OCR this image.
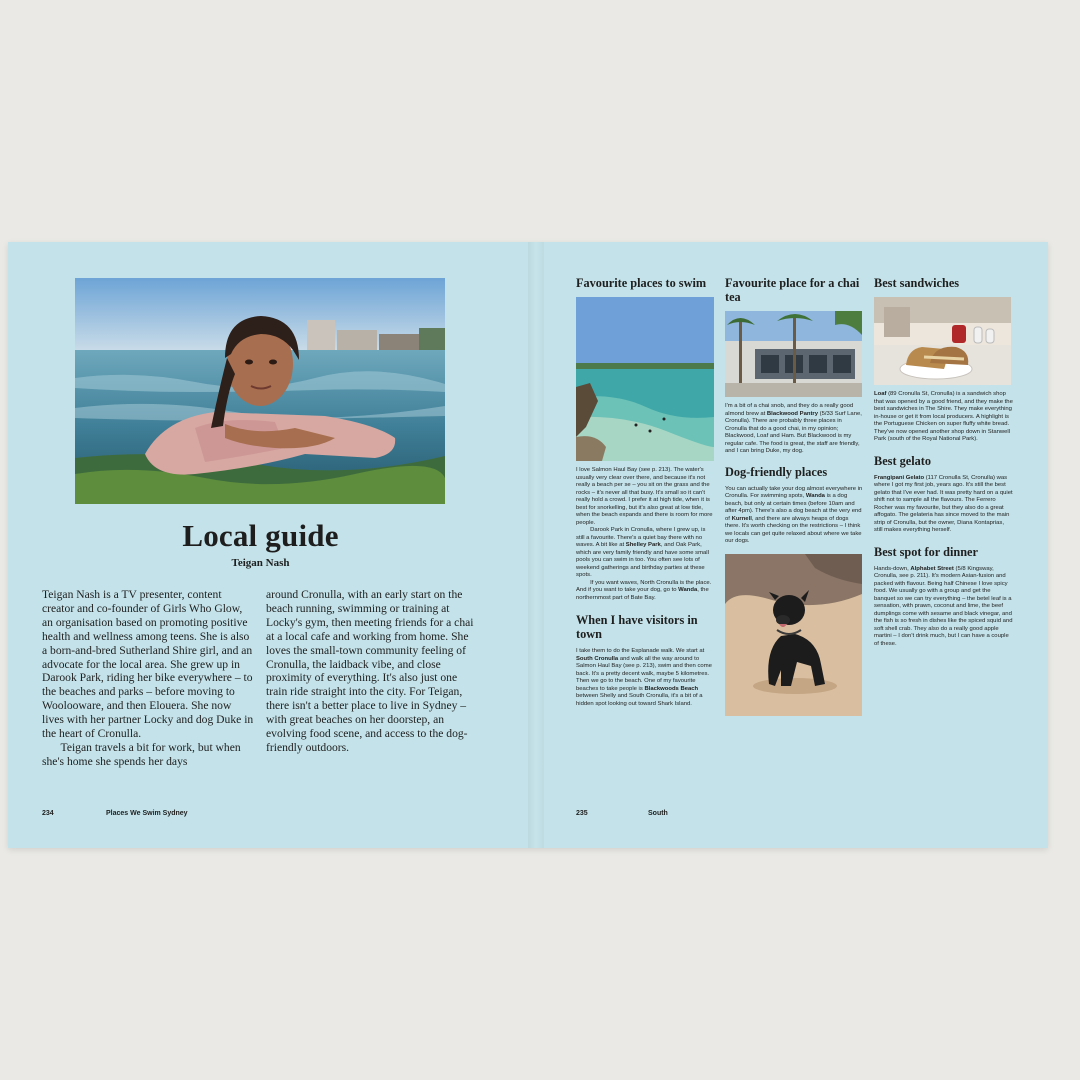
Local guide
Teigan Nash

Teigan Nash is a TV presenter, content creator and co-founder of Girls Who Glow, an organisation based on promoting positive health and wellness among teens. She is also a born-and-bred Sutherland Shire girl, and an advocate for the local area. She grew up in Darook Park, riding her bike everywhere – to the beaches and parks – before moving to Woolooware, and then Elouera. She now lives with her partner Locky and dog Duke in the heart of Cronulla.

Teigan travels a bit for work, but when she's home she spends her days

around Cronulla, with an early start on the beach running, swimming or training at Locky's gym, then meeting friends for a chai at a local cafe and working from home. She loves the small-town community feeling of Cronulla, the laidback vibe, and close proximity of everything. It's also just one train ride straight into the city. For Teigan, there isn't a better place to live in Sydney – with great beaches on her doorstep, an evolving food scene, and access to the dog-friendly outdoors.

234	Places We Swim Sydney
Favourite places to swim

I love Salmon Haul Bay (see p. 213). The water's usually very clear over there, and because it's not really a beach per se – you sit on the grass and the rocks – it's never all that busy. It's small so it can't really hold a crowd. I prefer it at high tide, when it is best for snorkelling, but it's also great at low tide, when the beach expands and there is room for more people.

Darook Park in Cronulla, where I grew up, is still a favourite. There's a quiet bay there with no waves. A bit like at Shelley Park, and Oak Park, which are very family friendly and have some small pools you can swim in too. You often see lots of weekend gatherings and birthday parties at these spots.

If you want waves, North Cronulla is the place. And if you want to take your dog, go to Wanda, the northernmost part of Bate Bay.

When I have visitors in town

I take them to do the Esplanade walk. We start at South Cronulla and walk all the way around to Salmon Haul Bay (see p. 213), swim and then come back. It's a pretty decent walk, maybe 5 kilometres. Then we go to the beach. One of my favourite beaches to take people is Blackwoods Beach between Shelly and South Cronulla, it's a bit of a hidden spot looking out toward Shark Island.

Favourite place for a chai tea

I'm a bit of a chai snob, and they do a really good almond brew at Blackwood Pantry (5/33 Surf Lane, Cronulla). There are probably three places in Cronulla that do a good chai, in my opinion; Blackwood, Loaf and Ham. But Blackwood is my regular cafe. The food is great, the staff are friendly, and I can bring Duke, my dog.

Dog-friendly places

You can actually take your dog almost everywhere in Cronulla. For swimming spots, Wanda is a dog beach, but only at certain times (before 10am and after 4pm). There's also a dog beach at the very end of Kurnell, and there are always heaps of dogs there. It's worth checking on the restrictions – I think we locals can get quite relaxed about where we take our dogs.

Best sandwiches

Loaf (89 Cronulla St, Cronulla) is a sandwich shop that was opened by a good friend, and they make the best sandwiches in The Shire. They make everything in-house or get it from local producers. A highlight is the Portuguese Chicken on super fluffy white bread. They've now opened another shop down in Stanwell Park (south of the Royal National Park).

Best gelato

Frangipani Gelato (117 Cronulla St, Cronulla) was where I got my first job, years ago. It's still the best gelato that I've ever had. It was pretty hard on a quiet shift not to sample all the flavours. The Ferrero Rocher was my favourite, but they also do a great affogato. The gelateria has since moved to the main strip of Cronulla, but the owner, Diana Kontaprias, still makes everything herself.

Best spot for dinner

Hands-down, Alphabet Street (5/8 Kingsway, Cronulla, see p. 211). It's modern Asian-fusion and packed with flavour. Being half Chinese I love spicy food. We usually go with a group and get the banquet so we can try everything – the betel leaf is a sensation, with prawn, coconut and lime, the beef dumplings come with sesame and black vinegar, and the fish is so fresh in dishes like the spiced squid and soft shell crab. They also do a really good apple martini – I don't drink much, but I can have a couple of these.

235	South
